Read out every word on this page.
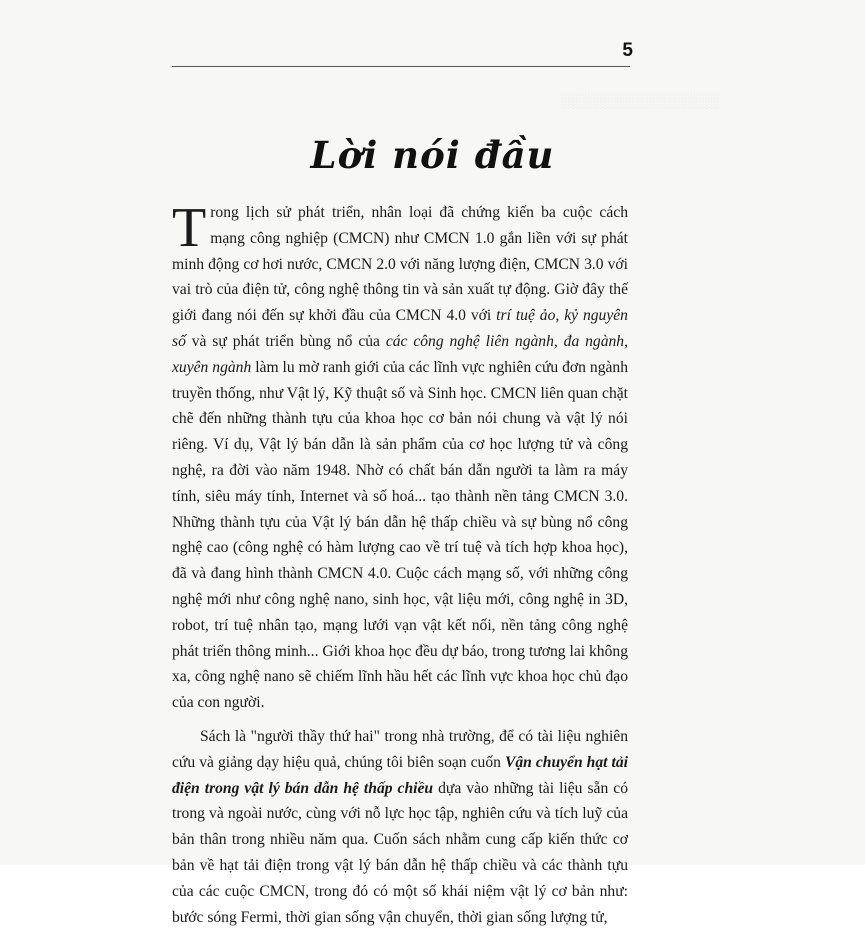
░░░░░░░░░░░░░░░
5
Lời nói đầu

Trong lịch sử phát triển, nhân loại đã chứng kiến ba cuộc cách mạng công nghiệp (CMCN) như CMCN 1.0 gắn liền với sự phát minh động cơ hơi nước, CMCN 2.0 với năng lượng điện, CMCN 3.0 với vai trò của điện tử, công nghệ thông tin và sản xuất tự động. Giờ đây thế giới đang nói đến sự khởi đầu của CMCN 4.0 với trí tuệ ảo, kỷ nguyên số và sự phát triển bùng nổ của các công nghệ liên ngành, đa ngành, xuyên ngành làm lu mờ ranh giới của các lĩnh vực nghiên cứu đơn ngành truyền thống, như Vật lý, Kỹ thuật số và Sinh học. CMCN liên quan chặt chẽ đến những thành tựu của khoa học cơ bản nói chung và vật lý nói riêng. Ví dụ, Vật lý bán dẫn là sản phẩm của cơ học lượng tử và công nghệ, ra đời vào năm 1948. Nhờ có chất bán dẫn người ta làm ra máy tính, siêu máy tính, Internet và số hoá... tạo thành nền tảng CMCN 3.0. Những thành tựu của Vật lý bán dẫn hệ thấp chiều và sự bùng nổ công nghệ cao (công nghệ có hàm lượng cao về trí tuệ và tích hợp khoa học), đã và đang hình thành CMCN 4.0. Cuộc cách mạng số, với những công nghệ mới như công nghệ nano, sinh học, vật liệu mới, công nghệ in 3D, robot, trí tuệ nhân tạo, mạng lưới vạn vật kết nối, nền tảng công nghệ phát triển thông minh... Giới khoa học đều dự báo, trong tương lai không xa, công nghệ nano sẽ chiếm lĩnh hầu hết các lĩnh vực khoa học chủ đạo của con người.

Sách là "người thầy thứ hai" trong nhà trường, để có tài liệu nghiên cứu và giảng dạy hiệu quả, chúng tôi biên soạn cuốn Vận chuyển hạt tải điện trong vật lý bán dẫn hệ thấp chiều dựa vào những tài liệu sẵn có trong và ngoài nước, cùng với nỗ lực học tập, nghiên cứu và tích luỹ của bản thân trong nhiều năm qua. Cuốn sách nhằm cung cấp kiến thức cơ bản về hạt tải điện trong vật lý bán dẫn hệ thấp chiều và các thành tựu của các cuộc CMCN, trong đó có một số khái niệm vật lý cơ bản như: bước sóng Fermi, thời gian sống vận chuyển, thời gian sống lượng tử,
